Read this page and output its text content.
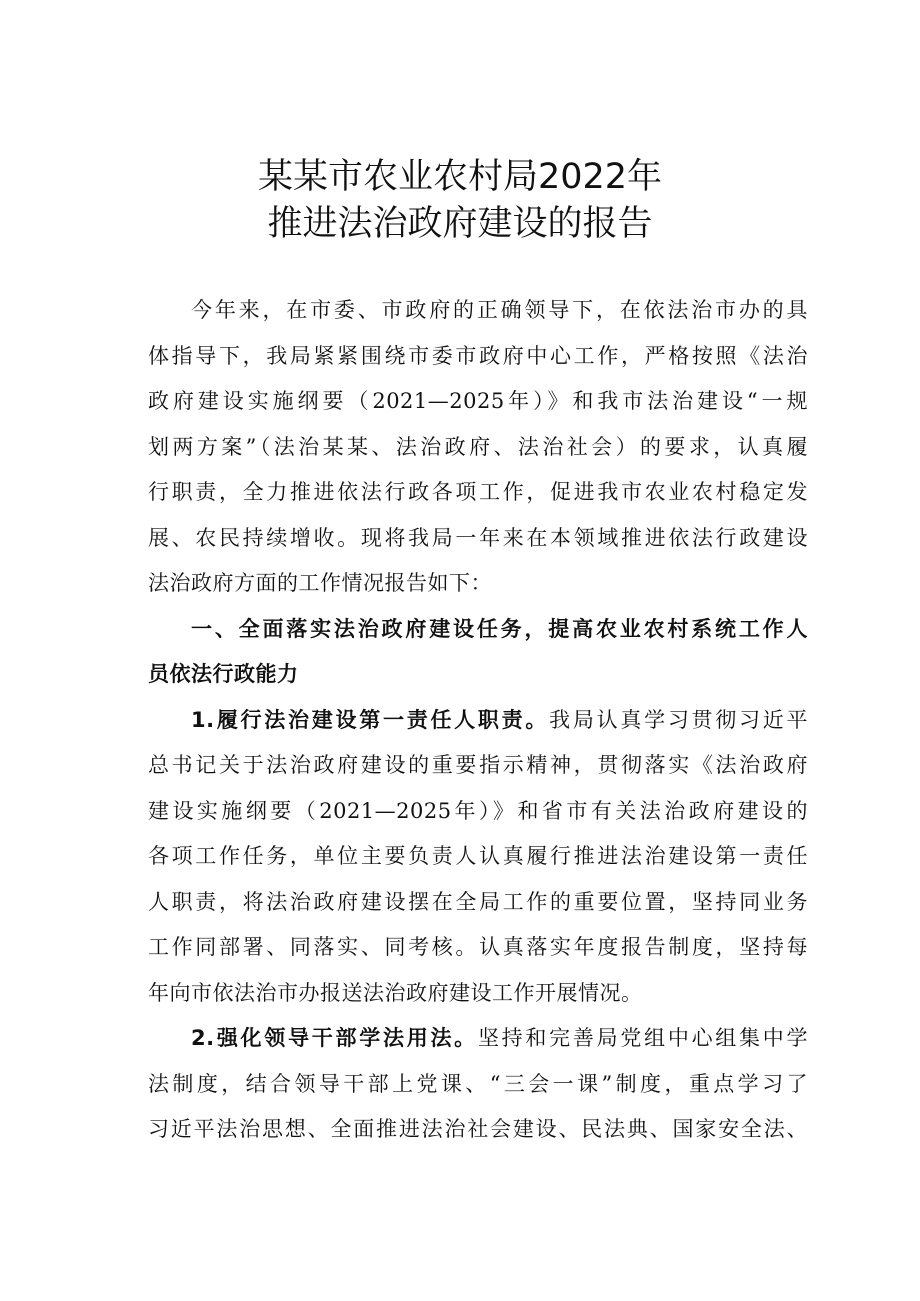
某某市农业农村局2022年
推进法治政府建设的报告
今年来，在市委、市政府的正确领导下，在依法治市办的具
体指导下，我局紧紧围绕市委市政府中心工作，严格按照《法治
政府建设实施纲要（2021—2025年）》和我市法治建设“一规
划两方案”（法治某某、法治政府、法治社会）的要求，认真履
行职责，全力推进依法行政各项工作，促进我市农业农村稳定发
展、农民持续增收。现将我局一年来在本领域推进依法行政建设
法治政府方面的工作情况报告如下：
一、全面落实法治政府建设任务，提高农业农村系统工作人
员依法行政能力
1.履行法治建设第一责任人职责。我局认真学习贯彻习近平
总书记关于法治政府建设的重要指示精神，贯彻落实《法治政府
建设实施纲要（2021—2025年）》和省市有关法治政府建设的
各项工作任务，单位主要负责人认真履行推进法治建设第一责任
人职责，将法治政府建设摆在全局工作的重要位置，坚持同业务
工作同部署、同落实、同考核。认真落实年度报告制度，坚持每
年向市依法治市办报送法治政府建设工作开展情况。
2.强化领导干部学法用法。坚持和完善局党组中心组集中学
法制度，结合领导干部上党课、“三会一课”制度，重点学习了
习近平法治思想、全面推进法治社会建设、民法典、国家安全法、
